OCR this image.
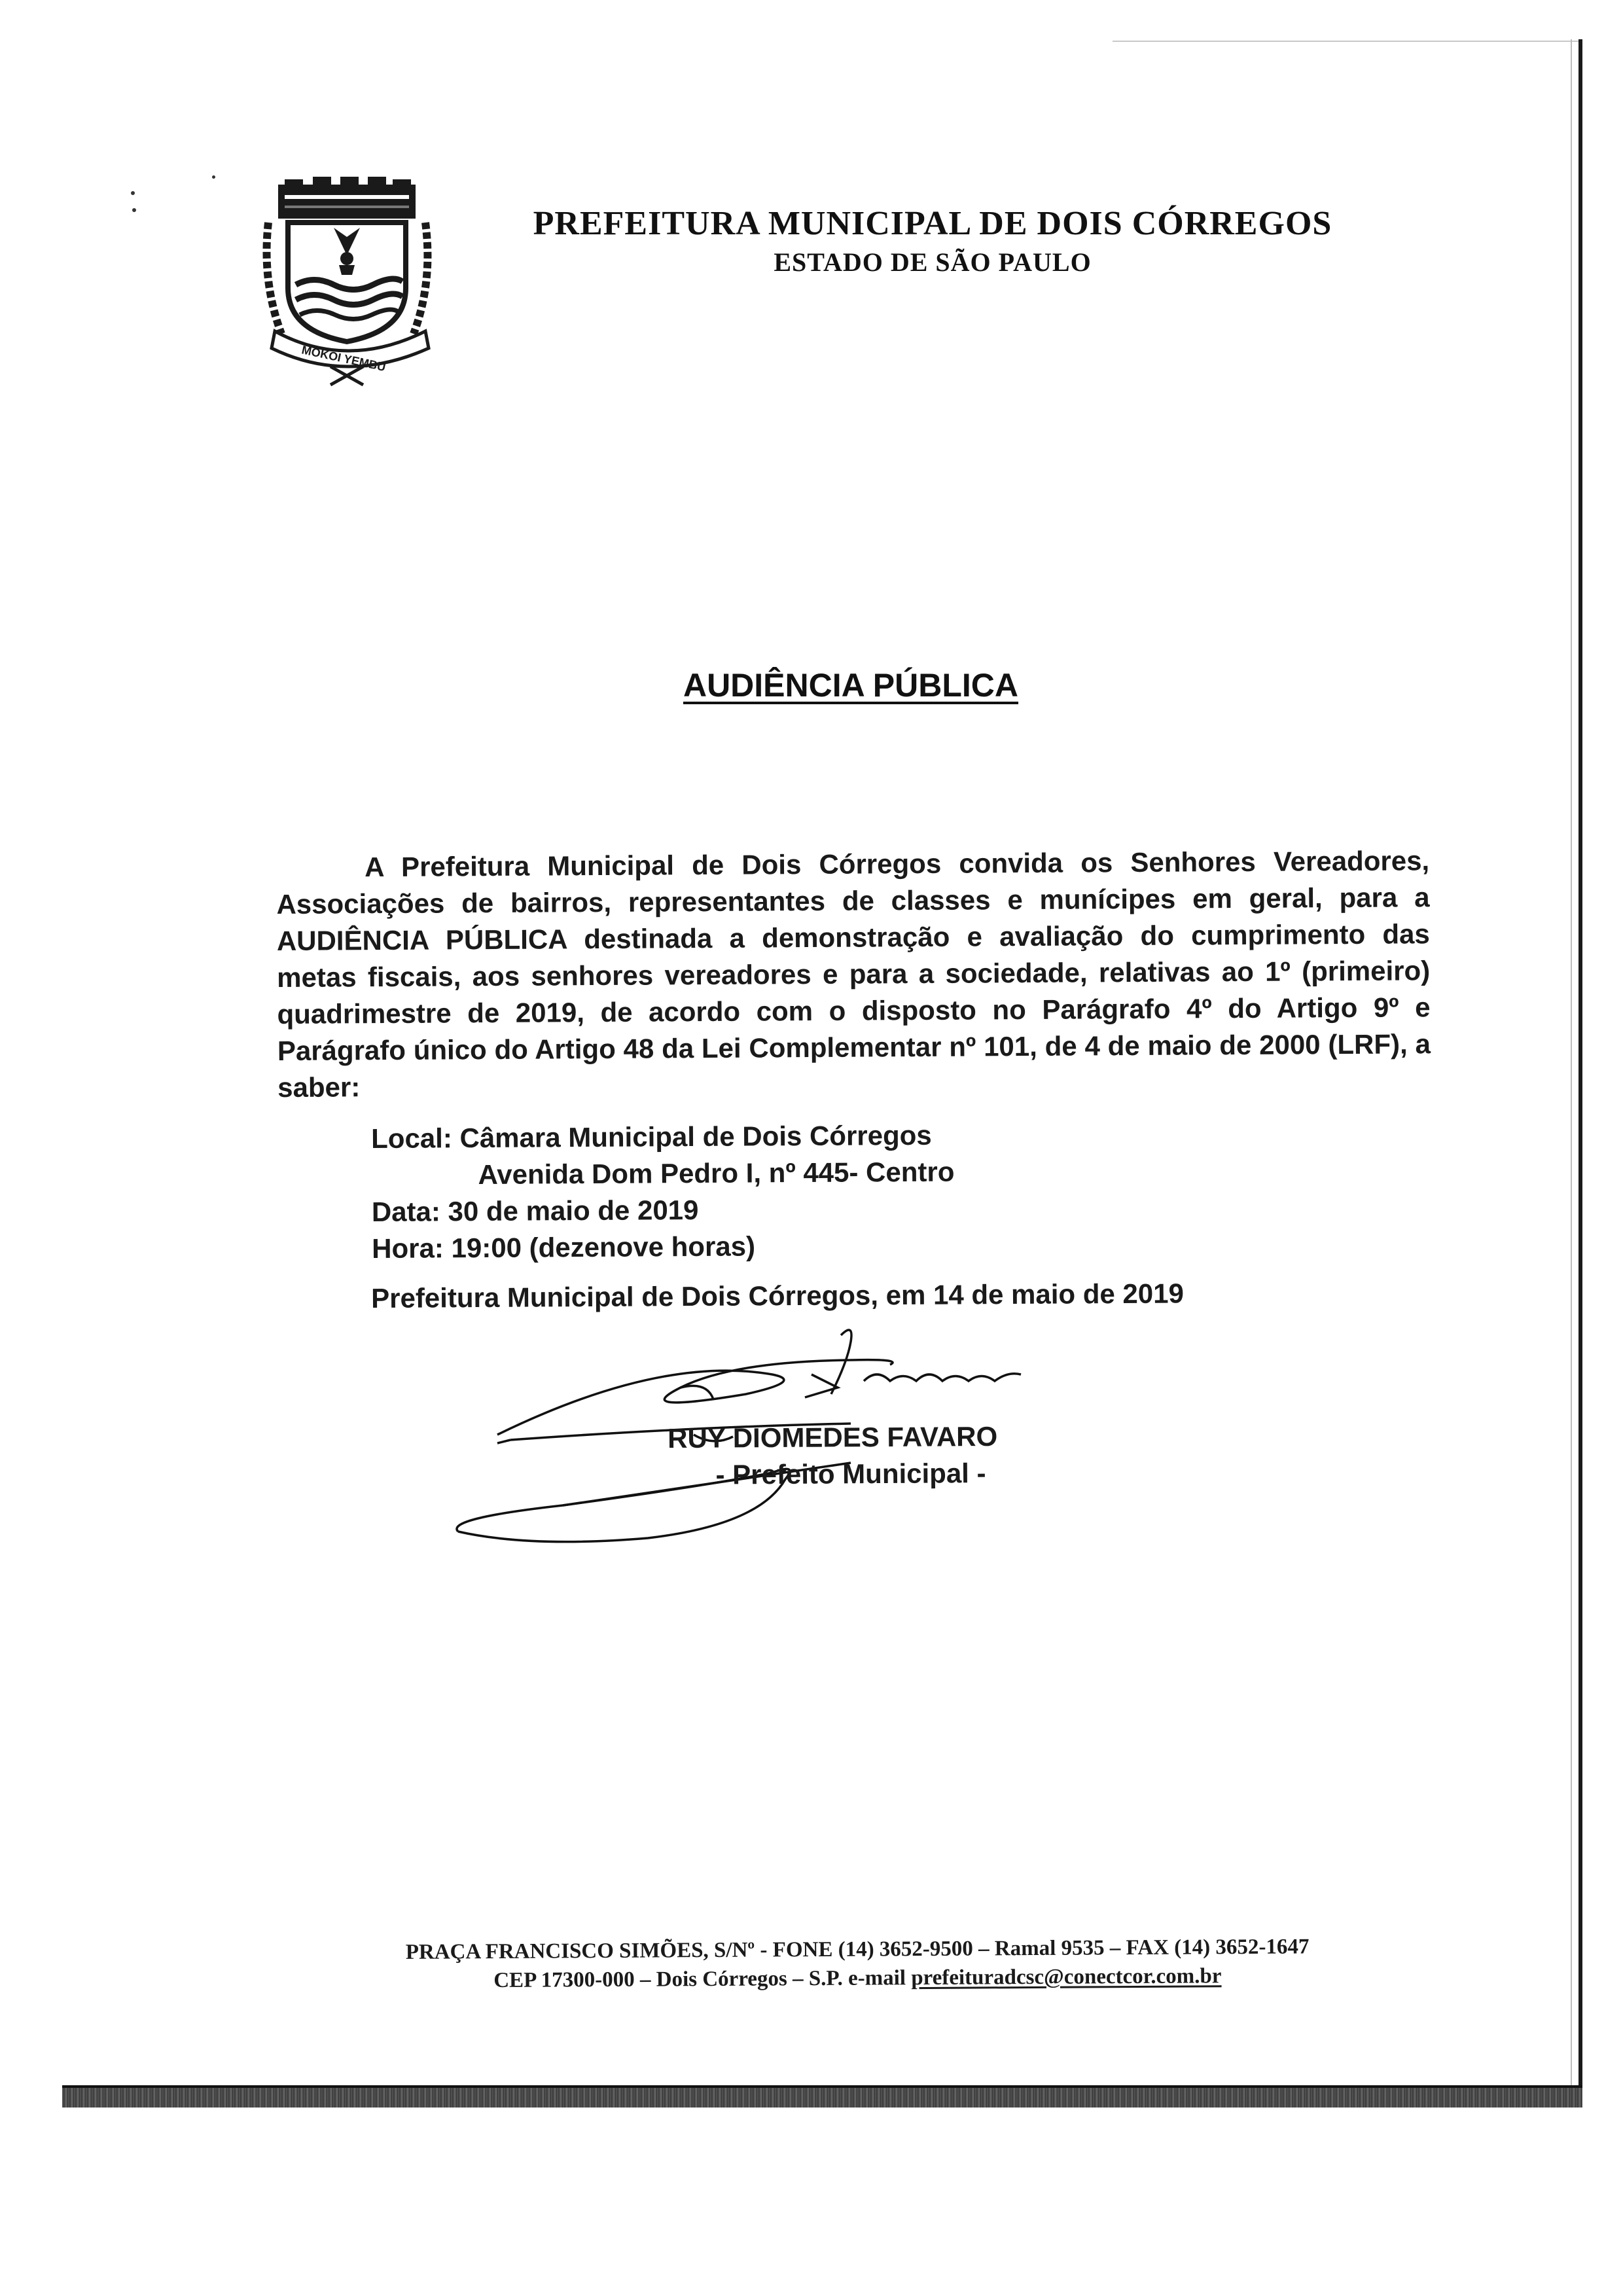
MOKOI YEMBU
PREFEITURA MUNICIPAL DE DOIS CÓRREGOS
ESTADO DE SÃO PAULO
AUDIÊNCIA PÚBLICA
A Prefeitura Municipal de Dois Córregos convida os Senhores Vereadores, Associações de bairros, representantes de classes e munícipes em geral, para a AUDIÊNCIA PÚBLICA destinada a demonstração e avaliação do cumprimento das metas fiscais, aos senhores vereadores e para a sociedade, relativas ao 1º (primeiro) quadrimestre de 2019, de acordo com o disposto no Parágrafo 4º do Artigo 9º e Parágrafo único do Artigo 48 da Lei Complementar nº 101, de 4 de maio de 2000 (LRF), a saber:
Local: Câmara Municipal de Dois Córregos
Avenida Dom Pedro I, nº 445- Centro
Data: 30 de maio de 2019
Hora: 19:00 (dezenove horas)
Prefeitura Municipal de Dois Córregos, em 14 de maio de 2019
RUY DIOMEDES FAVARO
- Prefeito Municipal -
PRAÇA FRANCISCO SIMÕES, S/Nº - FONE (14) 3652-9500 – Ramal 9535 – FAX (14) 3652-1647
CEP 17300-000 – Dois Córregos – S.P. e-mail prefeituradcsc@conectcor.com.br
